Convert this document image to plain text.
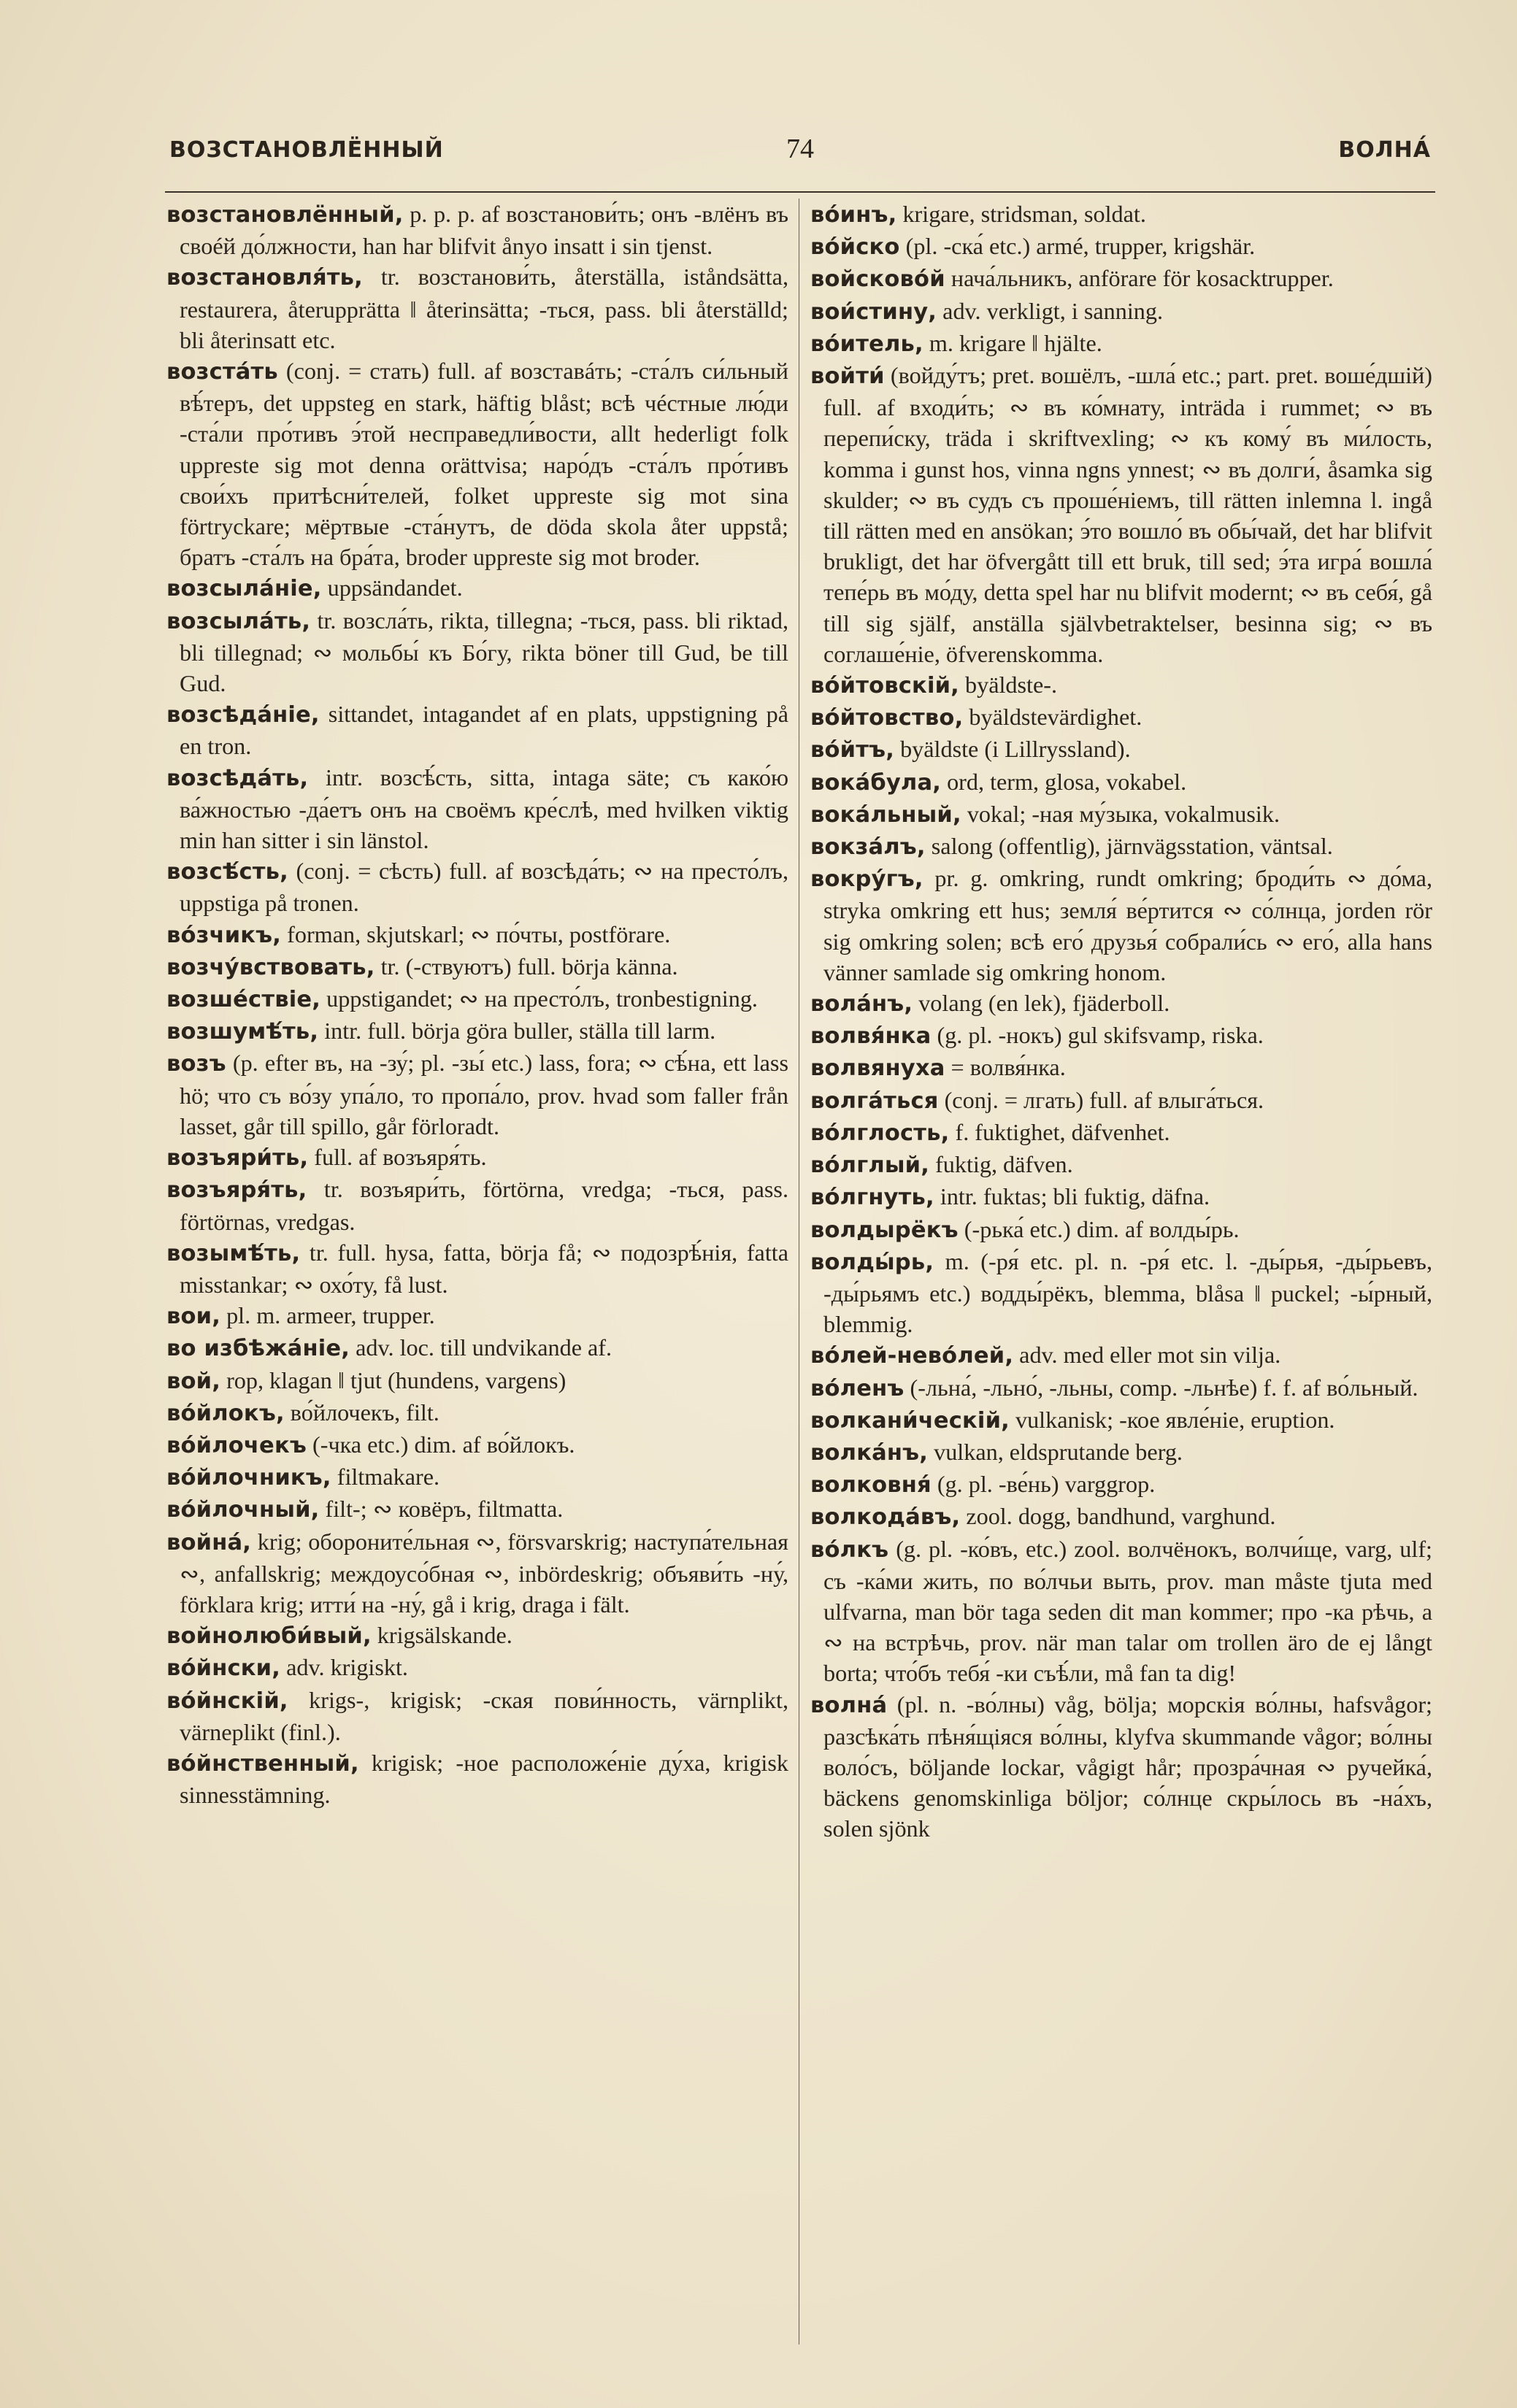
ВОЗСТАНОВЛЁННЫЙ	74	ВОЛНА́

возстановлённый, p. p. p. af возстанови́ть; онъ -влёнъ въ своéй до́лжности, han har blifvit ånyo insatt i sin tjenst.

возстановля́ть, tr. возстанови́ть, återställa, iståndsätta, restaurera, återupprätta ‖ återinsätta; -ться, pass. bli återställd; bli återinsatt etc.

возста́ть (conj. = стать) full. af возставáть; -ста́лъ си́льный вѣ́теръ, det uppsteg en stark, häftig blåst; всѣ чéстные лю́ди -ста́ли про́тивъ э́той несправедли́вости, allt hederligt folk uppreste sig mot denna orättvisa; наро́дъ -ста́лъ про́тивъ свои́хъ притѣсни́телей, folket uppreste sig mot sina förtryckare; мёртвые -ста́нутъ, de döda skola åter uppstå; братъ -ста́лъ на бра́та, broder uppreste sig mot broder.

возсыла́ніе, uppsändandet.

возсыла́ть, tr. возсла́ть, rikta, tillegna; -ться, pass. bli riktad, bli tillegnad; ∾ мольбы́ къ Бо́гу, rikta böner till Gud, be till Gud.

возсѣда́ніе, sittandet, intagandet af en plats, uppstigning på en tron.

возсѣда́ть, intr. возсѣ́сть, sitta, intaga säte; съ како́ю ва́жностью -да́етъ онъ на своёмъ кре́слѣ, med hvilken viktig min han sitter i sin länstol.

возсѣ́сть, (conj. = сѣсть) full. af возсѣда́ть; ∾ на престо́лъ, uppstiga på tronen.

во́зчикъ, forman, skjutskarl; ∾ по́чты, postförare.

возчу́вствовать, tr. (-ствуютъ) full. börja känna.

возшéствіе, uppstigandet; ∾ на престо́лъ, tronbestigning.

возшумѣ́ть, intr. full. börja göra buller, ställa till larm.

возъ (p. efter въ, на -зу́; pl. -зы́ etc.) lass, fora; ∾ сѣ́на, ett lass hö; что съ во́зу упа́ло, то пропа́ло, prov. hvad som faller från lasset, går till spillo, går förloradt.

возъяри́ть, full. af возъяря́ть.

возъяря́ть, tr. возъяри́ть, förtörna, vredga; -ться, pass. förtörnas, vredgas.

возымѣ́ть, tr. full. hysa, fatta, börja få; ∾ подозрѣ́нія, fatta misstankar; ∾ охо́ту, få lust.

вои, pl. m. armeer, trupper.

во избѣжа́ніе, adv. loc. till undvikande af.

вой, rop, klagan ‖ tjut (hundens, vargens)

во́йлокъ, во́йлочекъ, filt.

во́йлочекъ (-чка etc.) dim. af во́йлокъ.

во́йлочникъ, filtmakare.

во́йлочный, filt-; ∾ ковёръ, filtmatta.

война́, krig; обороните́льная ∾, försvarskrig; наступа́тельная ∾, anfallskrig; междоусо́бная ∾, inbördeskrig; объяви́ть -ну́, förklara krig; итти́ на -ну́, gå i krig, draga i fält.

войнолюби́вый, krigsälskande.

во́йнски, adv. krigiskt.

во́йнскій, krigs-, krigisk; -ская пови́нность, värnplikt, värneplikt (finl.).

во́йнственный, krigisk; -ное расположе́ніе ду́ха, krigisk sinnesstämning.

во́инъ, krigare, stridsman, soldat.

во́йско (pl. -ска́ etc.) armé, trupper, krigshär.

войсково́й нача́льникъ, anförare för kosacktrupper.

вои́стину, adv. verkligt, i sanning.

во́итель, m. krigare ‖ hjälte.

войти́ (войду́тъ; pret. вошёлъ, -шла́ etc.; part. pret. воше́дшій) full. af входи́ть; ∾ въ ко́мнату, inträda i rummet; ∾ въ перепи́ску, träda i skriftvexling; ∾ къ кому́ въ ми́лость, komma i gunst hos, vinna ngns ynnest; ∾ въ долги́, åsamka sig skulder; ∾ въ судъ съ проше́ніемъ, till rätten inlemna l. ingå till rätten med en ansökan; э́то вошло́ въ обы́чай, det har blifvit brukligt, det har öfvergått till ett bruk, till sed; э́та игра́ вошла́ тепе́рь въ мо́ду, detta spel har nu blifvit modernt; ∾ въ себя́, gå till sig själf, anställa självbetraktelser, besinna sig; ∾ въ соглаше́ніе, öfverenskomma.

во́йтовскій, byäldste-.

во́йтовство, byäldstevärdighet.

во́йтъ, byäldste (i Lillryssland).

вока́була, ord, term, glosa, vokabel.

вока́льный, vokal; -ная му́зыка, vokalmusik.

вокза́лъ, salong (offentlig), järnvägsstation, väntsal.

вокру́гъ, pr. g. omkring, rundt omkring; броди́ть ∾ до́ма, stryka omkring ett hus; земля́ ве́ртится ∾ со́лнца, jorden rör sig omkring solen; всѣ его́ друзья́ собрали́сь ∾ его́, alla hans vänner samlade sig omkring honom.

вола́нъ, volang (en lek), fjäderboll.

волвя́нка (g. pl. -нокъ) gul skifsvamp, riska.

волвянуха = волвя́нка.

волга́ться (conj. = лгать) full. af влыга́ться.

во́лглость, f. fuktighet, däfvenhet.

во́лглый, fuktig, däfven.

во́лгнуть, intr. fuktas; bli fuktig, däfna.

волдырёкъ (-рька́ etc.) dim. af волды́рь.

волды́рь, m. (-ря́ etc. pl. n. -ря́ etc. l. -ды́рья, -ды́рьевъ, -ды́рьямъ etc.) водды́рёкъ, blemma, blåsa ‖ puckel; -ы́рный, blemmig.

во́лей-нево́лей, adv. med eller mot sin vilja.

во́ленъ (-льна́, -льно́, -льны, comp. -льнѣе) f. f. af во́льный.

волкани́ческій, vulkanisk; -кое явле́ніе, eruption.

волка́нъ, vulkan, eldsprutande berg.

волковня́ (g. pl. -ве́нь) varggrop.

волкода́въ, zool. dogg, bandhund, varghund.

во́лкъ (g. pl. -ко́въ, etc.) zool. волчёнокъ, волчи́ще, varg, ulf; съ -ка́ми жить, по во́лчьи выть, prov. man måste tjuta med ulfvarna, man bör taga seden dit man kommer; про -ка рѣчь, а ∾ на встрѣчь, prov. när man talar om trollen äro de ej långt borta; что́бъ тебя́ -ки съѣ́ли, må fan ta dig!

волна́ (pl. n. -во́лны) våg, bölja; морскія во́лны, hafsvågor; разсѣка́ть пѣня́щіяся во́лны, klyfva skummande vågor; во́лны воло́съ, böljande lockar, vågigt hår; прозра́чная ∾ ручейка́, bäckens genomskinliga böljor; со́лнце скры́лось въ -на́хъ, solen sjönk
